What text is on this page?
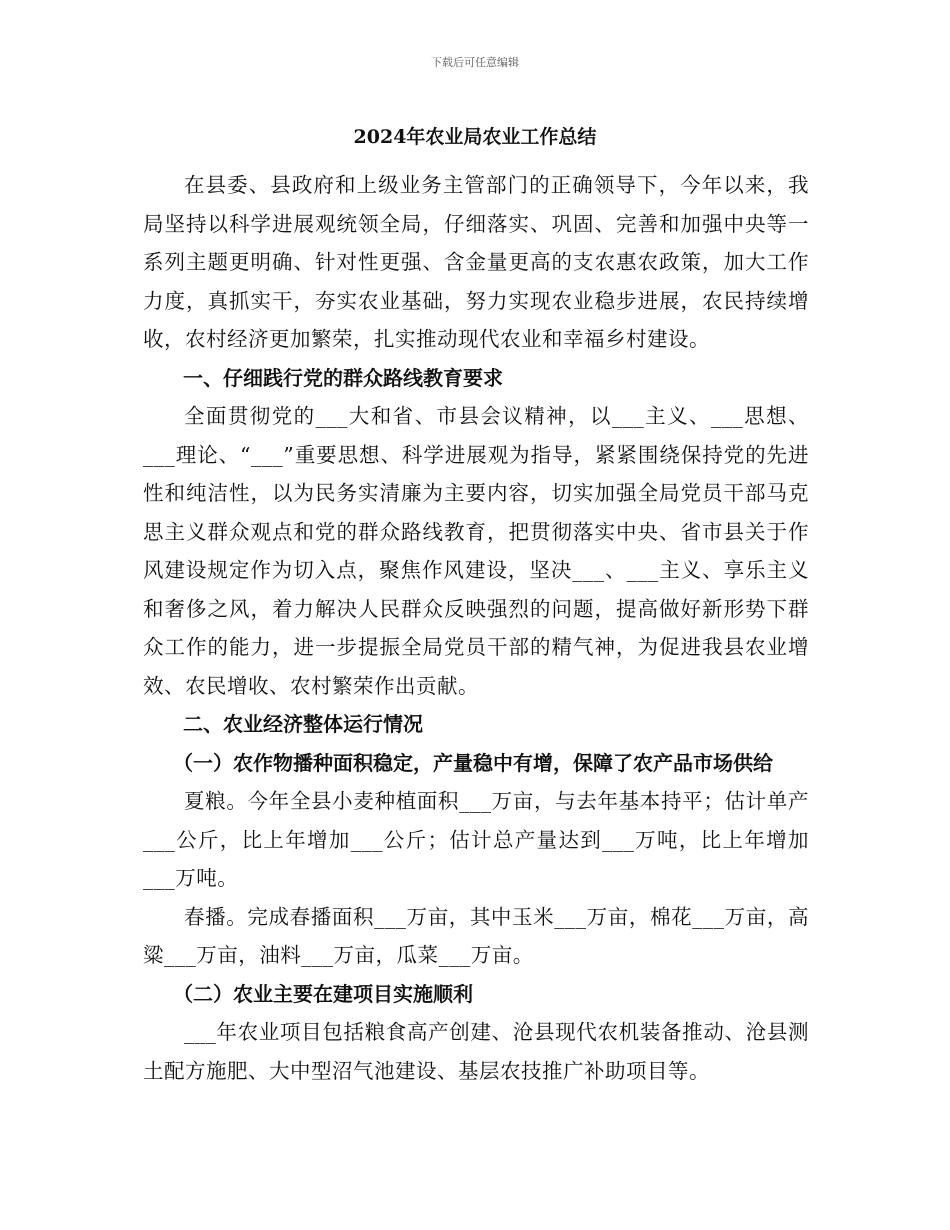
下载后可任意编辑
2024年农业局农业工作总结

在县委、县政府和上级业务主管部门的正确领导下，今年以来，我局坚持以科学进展观统领全局，仔细落实、巩固、完善和加强中央等一系列主题更明确、针对性更强、含金量更高的支农惠农政策，加大工作力度，真抓实干，夯实农业基础，努力实现农业稳步进展，农民持续增收，农村经济更加繁荣，扎实推动现代农业和幸福乡村建设。

一、仔细践行党的群众路线教育要求

全面贯彻党的___大和省、市县会议精神，以___主义、___思想、___理论、“___”重要思想、科学进展观为指导，紧紧围绕保持党的先进性和纯洁性，以为民务实清廉为主要内容，切实加强全局党员干部马克思主义群众观点和党的群众路线教育，把贯彻落实中央、省市县关于作风建设规定作为切入点，聚焦作风建设，坚决___、___主义、享乐主义和奢侈之风，着力解决人民群众反映强烈的问题，提高做好新形势下群众工作的能力，进一步提振全局党员干部的精气神，为促进我县农业增效、农民增收、农村繁荣作出贡献。

二、农业经济整体运行情况

（一）农作物播种面积稳定，产量稳中有增，保障了农产品市场供给

夏粮。今年全县小麦种植面积___万亩，与去年基本持平；估计单产___公斤，比上年增加___公斤；估计总产量达到___万吨，比上年增加___万吨。

春播。完成春播面积___万亩，其中玉米___万亩，棉花___万亩，高粱___万亩，油料___万亩，瓜菜___万亩。

（二）农业主要在建项目实施顺利

___年农业项目包括粮食高产创建、沧县现代农机装备推动、沧县测土配方施肥、大中型沼气池建设、基层农技推广补助项目等。
